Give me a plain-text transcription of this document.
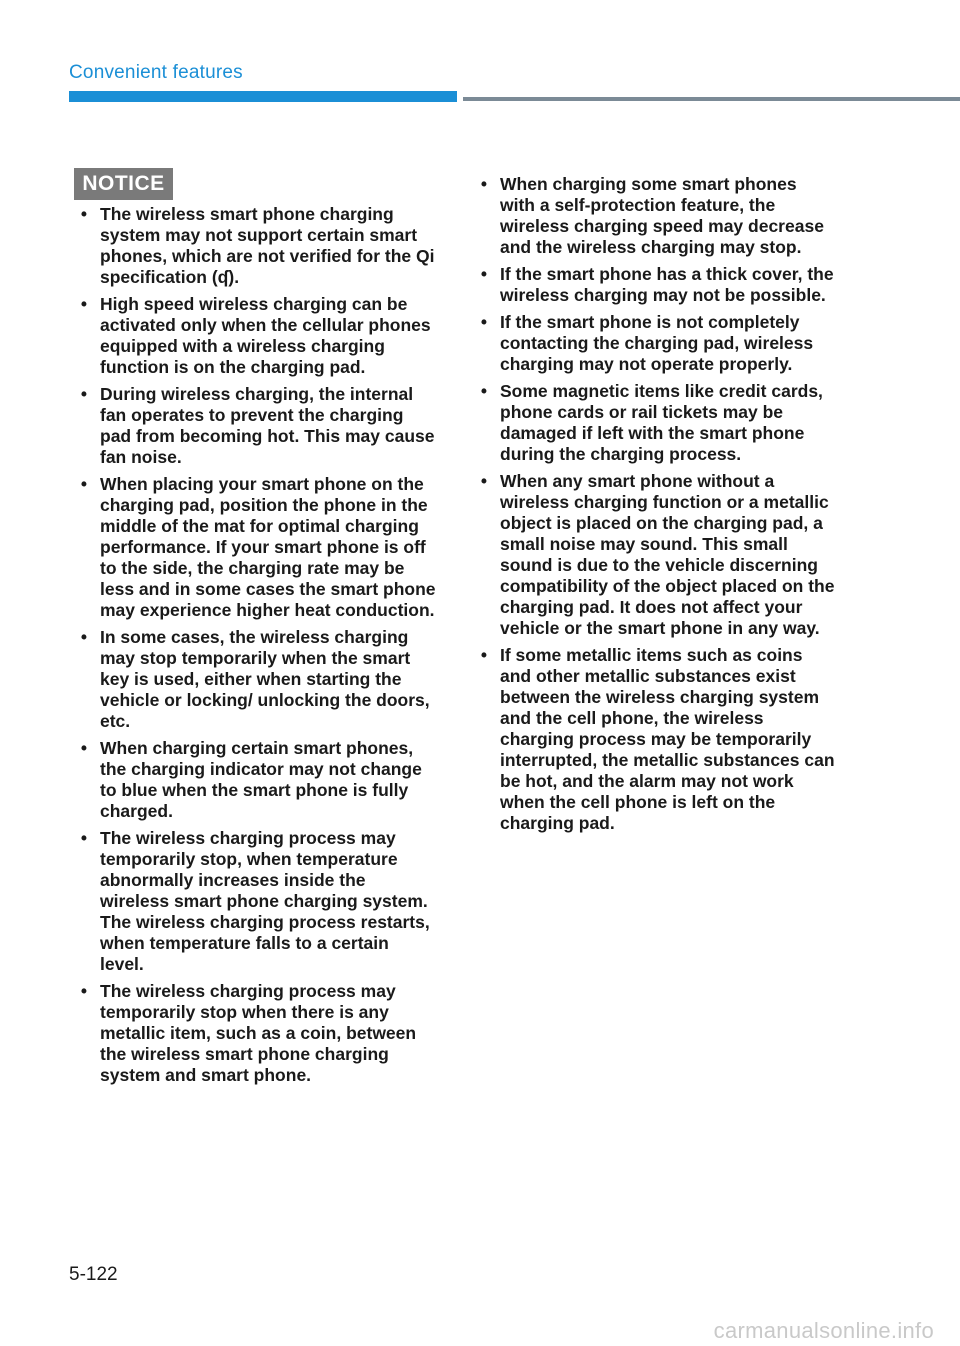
Convenient features
NOTICE
• The wireless smart phone charging system may not support certain smart phones, which are not verified for the Qi specification (ʠ).
• High speed wireless charging can be activated only when the cellular phones equipped with a wireless charging function is on the charging pad.
• During wireless charging, the internal fan operates to prevent the charging pad from becoming hot. This may cause fan noise.
• When placing your smart phone on the charging pad, position the phone in the middle of the mat for optimal charging performance. If your smart phone is off to the side, the charging rate may be less and in some cases the smart phone may experience higher heat conduction.
• In some cases, the wireless charging may stop temporarily when the smart key is used, either when starting the vehicle or locking/ unlocking the doors, etc.
• When charging certain smart phones, the charging indicator may not change to blue when the smart phone is fully charged.
• The wireless charging process may temporarily stop, when temperature abnormally increases inside the wireless smart phone charging system. The wireless charging process restarts, when temperature falls to a certain level.
• The wireless charging process may temporarily stop when there is any metallic item, such as a coin, between the wireless smart phone charging system and smart phone.
• When charging some smart phones with a self-protection feature, the wireless charging speed may decrease and the wireless charging may stop.
• If the smart phone has a thick cover, the wireless charging may not be possible.
• If the smart phone is not completely contacting the charging pad, wireless charging may not operate properly.
• Some magnetic items like credit cards, phone cards or rail tickets may be damaged if left with the smart phone during the charging process.
• When any smart phone without a wireless charging function or a metallic object is placed on the charging pad, a small noise may sound. This small sound is due to the vehicle discerning compatibility of the object placed on the charging pad. It does not affect your vehicle or the smart phone in any way.
• If some metallic items such as coins and other metallic substances exist between the wireless charging system and the cell phone, the wireless charging process may be temporarily interrupted, the metallic substances can be hot, and the alarm may not work when the cell phone is left on the charging pad.
5-122
carmanualsonline.info
